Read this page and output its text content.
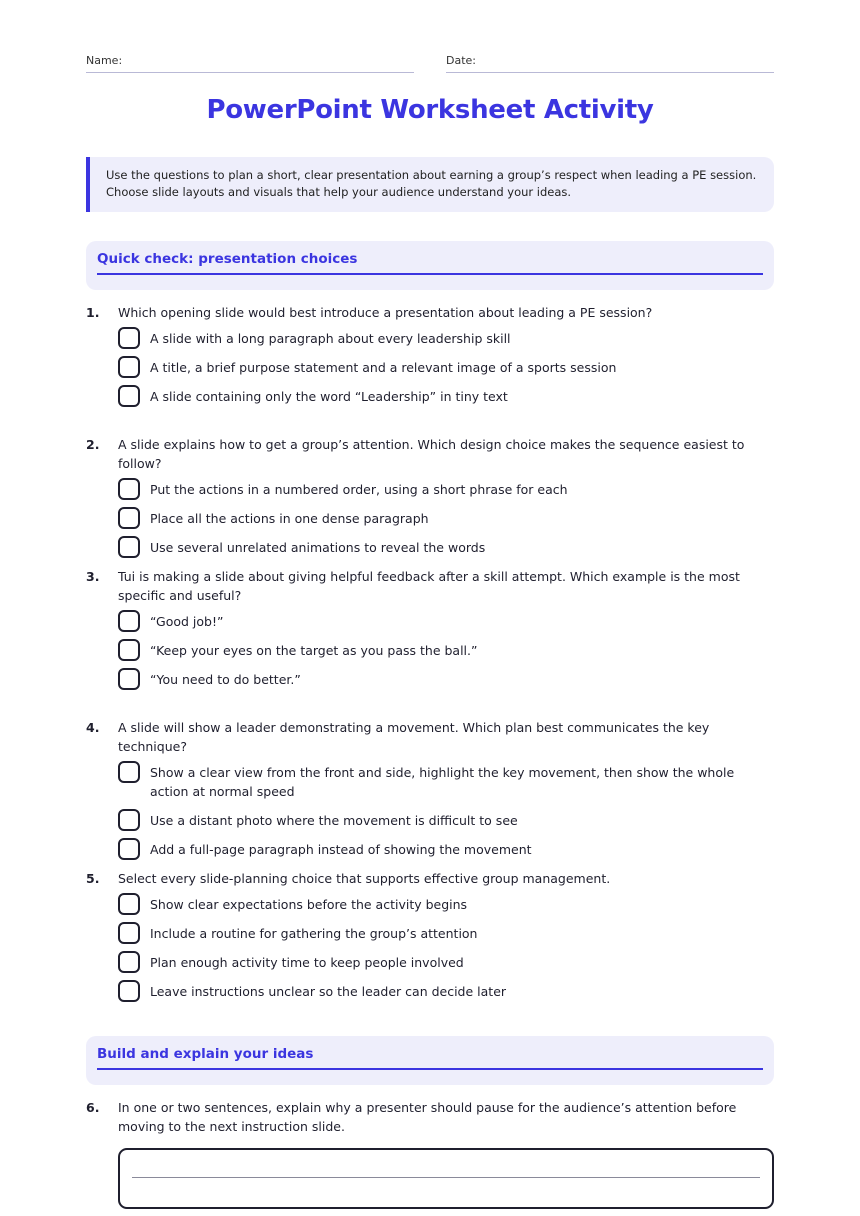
Name:	Date:
PowerPoint Worksheet Activity
Use the questions to plan a short, clear presentation about earning a group’s respect when leading a PE session. Choose slide layouts and visuals that help your audience understand your ideas.
Quick check: presentation choices
1.	Which opening slide would best introduce a presentation about leading a PE session?
A slide with a long paragraph about every leadership skill
A title, a brief purpose statement and a relevant image of a sports session
A slide containing only the word “Leadership” in tiny text
2.	A slide explains how to get a group’s attention. Which design choice makes the sequence easiest to follow?
Put the actions in a numbered order, using a short phrase for each
Place all the actions in one dense paragraph
Use several unrelated animations to reveal the words
3.	Tui is making a slide about giving helpful feedback after a skill attempt. Which example is the most specific and useful?
“Good job!”
“Keep your eyes on the target as you pass the ball.”
“You need to do better.”
4.	A slide will show a leader demonstrating a movement. Which plan best communicates the key technique?
Show a clear view from the front and side, highlight the key movement, then show the whole action at normal speed
Use a distant photo where the movement is difficult to see
Add a full-page paragraph instead of showing the movement
5.	Select every slide-planning choice that supports effective group management.
Show clear expectations before the activity begins
Include a routine for gathering the group’s attention
Plan enough activity time to keep people involved
Leave instructions unclear so the leader can decide later
Build and explain your ideas
6.	In one or two sentences, explain why a presenter should pause for the audience’s attention before moving to the next instruction slide.
